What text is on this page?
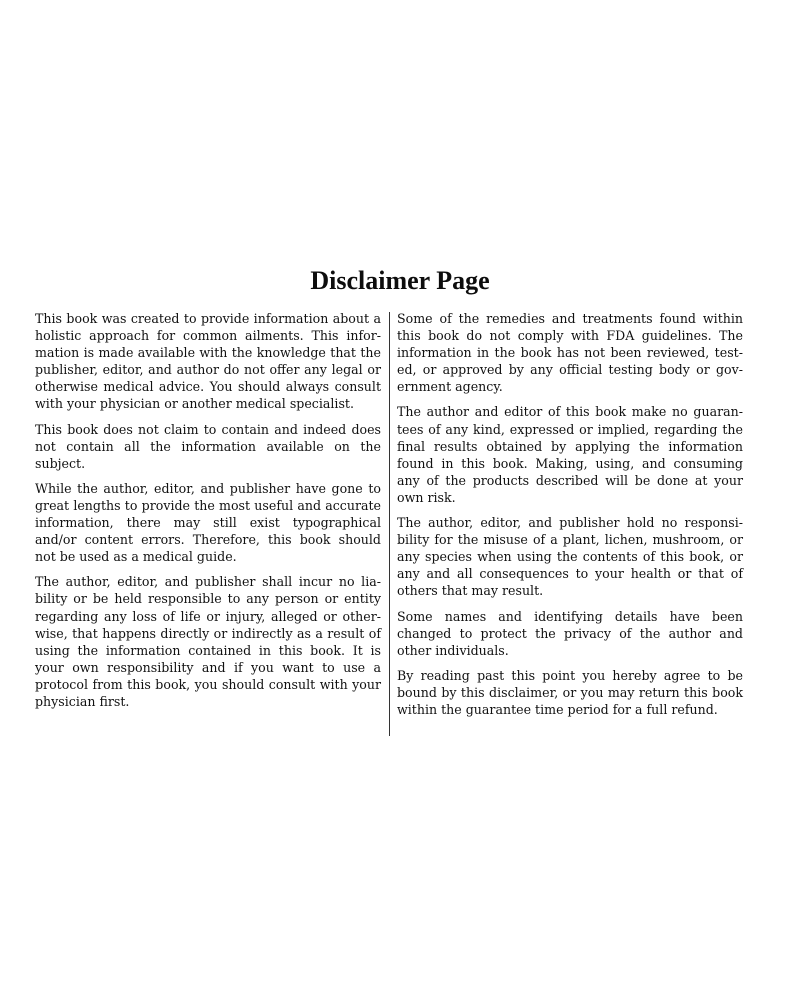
Disclaimer Page

This book was created to provide information about a holistic approach for common ailments. This information is made available with the knowledge that the publisher, editor, and author do not offer any legal or otherwise medical advice. You should always consult with your physician or another medical specialist.

This book does not claim to contain and indeed does not contain all the information available on the subject.

While the author, editor, and publisher have gone to great lengths to provide the most useful and accurate information, there may still exist typographical and/or content errors. Therefore, this book should not be used as a medical guide.

The author, editor, and publisher shall incur no liability or be held responsible to any person or entity regarding any loss of life or injury, alleged or otherwise, that happens directly or indirectly as a result of using the information contained in this book. It is your own responsibility and if you want to use a protocol from this book, you should consult with your physician first.

Some of the remedies and treatments found within this book do not comply with FDA guidelines. The information in the book has not been reviewed, tested, or approved by any official testing body or government agency.

The author and editor of this book make no guarantees of any kind, expressed or implied, regarding the final results obtained by applying the information found in this book. Making, using, and consuming any of the products described will be done at your own risk.

The author, editor, and publisher hold no responsibility for the misuse of a plant, lichen, mushroom, or any species when using the contents of this book, or any and all consequences to your health or that of others that may result.

Some names and identifying details have been changed to protect the privacy of the author and other individuals.

By reading past this point you hereby agree to be bound by this disclaimer, or you may return this book within the guarantee time period for a full refund.
